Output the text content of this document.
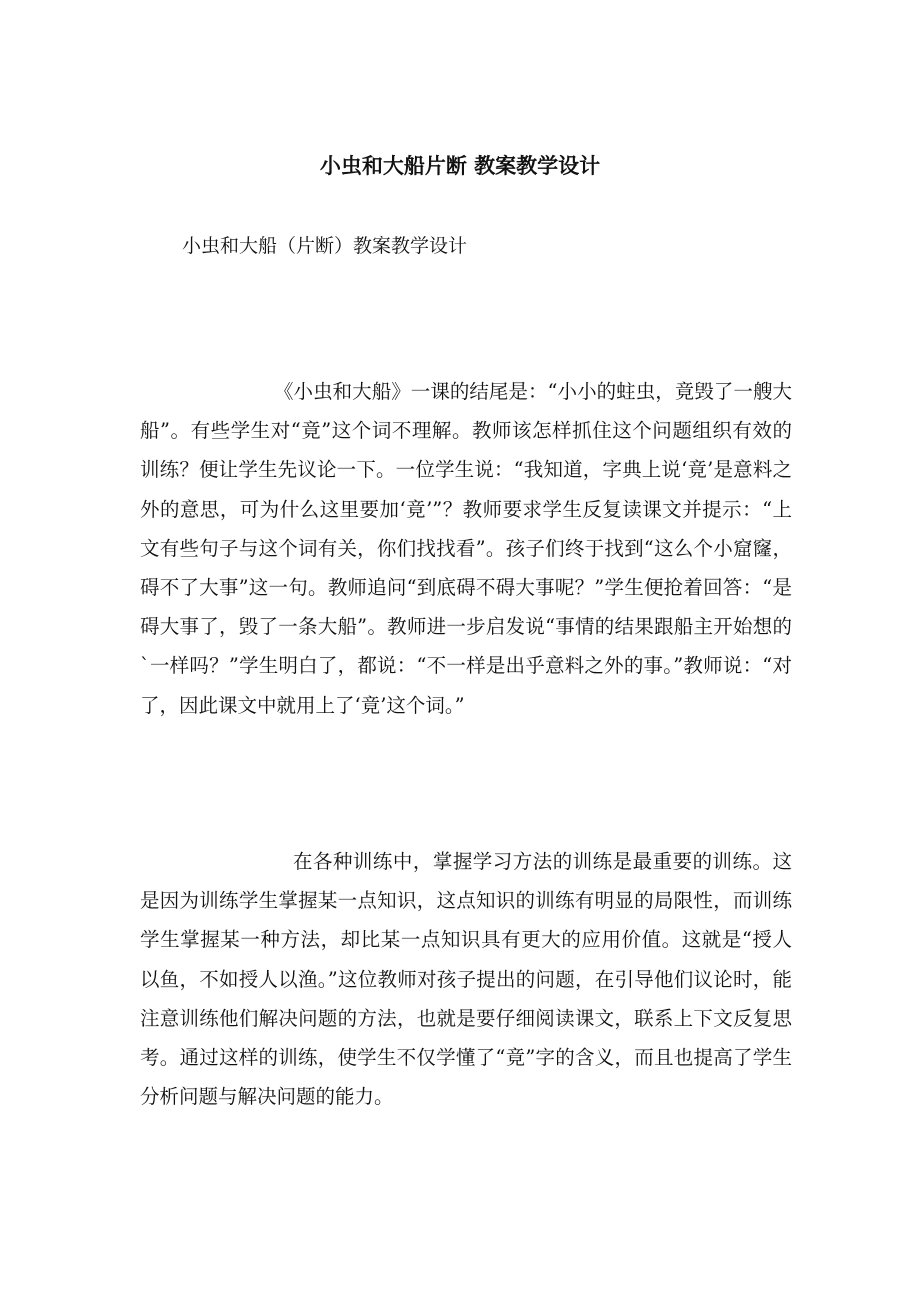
小虫和大船片断 教案教学设计

小虫和大船（片断）教案教学设计

《小虫和大船》一课的结尾是：“小小的蛀虫，竟毁了一艘大船”。有些学生对“竟”这个词不理解。教师该怎样抓住这个问题组织有效的训练？便让学生先议论一下。一位学生说：“我知道，字典上说‘竟’是意料之外的意思，可为什么这里要加‘竟’”？教师要求学生反复读课文并提示：“上文有些句子与这个词有关，你们找找看”。孩子们终于找到“这么个小窟窿，碍不了大事”这一句。教师追问“到底碍不碍大事呢？”学生便抢着回答：“是碍大事了，毁了一条大船”。教师进一步启发说“事情的结果跟船主开始想的`一样吗？”学生明白了，都说：“不一样是出乎意料之外的事。”教师说：“对了，因此课文中就用上了‘竟’这个词。”

在各种训练中，掌握学习方法的训练是最重要的训练。这是因为训练学生掌握某一点知识，这点知识的训练有明显的局限性，而训练学生掌握某一种方法，却比某一点知识具有更大的应用价值。这就是“授人以鱼，不如授人以渔。”这位教师对孩子提出的问题，在引导他们议论时，能注意训练他们解决问题的方法，也就是要仔细阅读课文，联系上下文反复思考。通过这样的训练，使学生不仅学懂了“竟”字的含义，而且也提高了学生分析问题与解决问题的能力。
